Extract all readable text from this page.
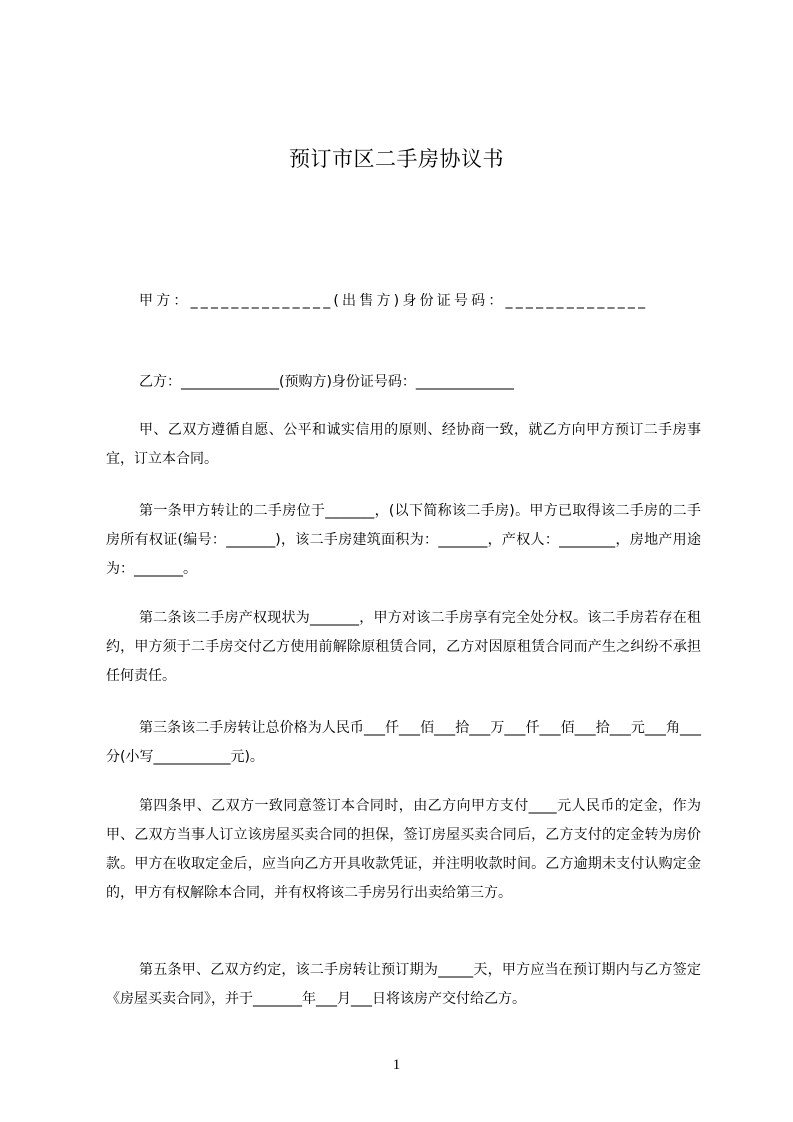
预订市区二手房协议书
甲方：______________(出售方)身份证号码：______________
乙方：______________(预购方)身份证号码：______________

甲、乙双方遵循自愿、公平和诚实信用的原则、经协商一致，就乙方向甲方预订二手房事宜，订立本合同。

第一条甲方转让的二手房位于_______，(以下简称该二手房)。甲方已取得该二手房的二手房所有权证(编号：_______)，该二手房建筑面积为：_______，产权人：________，房地产用途为：_______。

第二条该二手房产权现状为_______，甲方对该二手房享有完全处分权。该二手房若存在租约，甲方须于二手房交付乙方使用前解除原租赁合同，乙方对因原租赁合同而产生之纠纷不承担任何责任。

第三条该二手房转让总价格为人民币___仟___佰___拾___万___仟___佰___拾___元___角___分(小写___________元)。

第四条甲、乙双方一致同意签订本合同时，由乙方向甲方支付____元人民币的定金，作为甲、乙双方当事人订立该房屋买卖合同的担保，签订房屋买卖合同后，乙方支付的定金转为房价款。甲方在收取定金后，应当向乙方开具收款凭证，并注明收款时间。乙方逾期未支付认购定金的，甲方有权解除本合同，并有权将该二手房另行出卖给第三方。

第五条甲、乙双方约定，该二手房转让预订期为_____天，甲方应当在预订期内与乙方签定《房屋买卖合同》，并于_______年___月___日将该房产交付给乙方。

1
